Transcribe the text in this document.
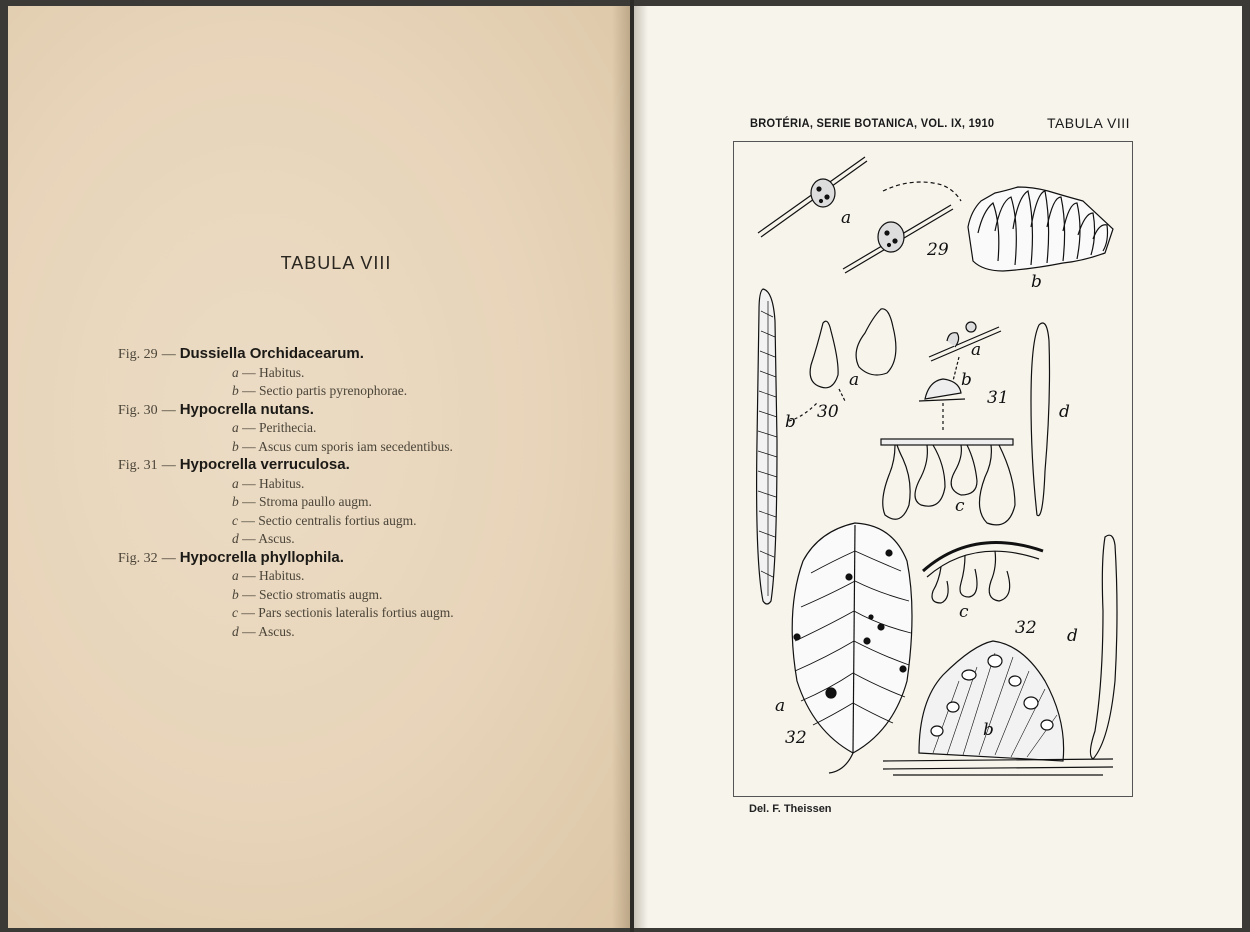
TABULA VIII
Fig. 29 — Dussiella Orchidacearum.
a — Habitus.
b — Sectio partis pyrenophorae.
Fig. 30 — Hypocrella nutans.
a — Perithecia.
b — Ascus cum sporis iam secedentibus.
Fig. 31 — Hypocrella verruculosa.
a — Habitus.
b — Stroma paullo augm.
c — Sectio centralis fortius augm.
d — Ascus.
Fig. 32 — Hypocrella phyllophila.
a — Habitus.
b — Sectio stromatis augm.
c — Pars sectionis lateralis fortius augm.
d — Ascus.
BROTÉRIA, SERIE BOTANICA, VOL. IX, 1910	TABULA VIII
a
29
b
b 30
a
a
b
31
d
c
c
32 d
a
32	b
Del. F. Theissen
